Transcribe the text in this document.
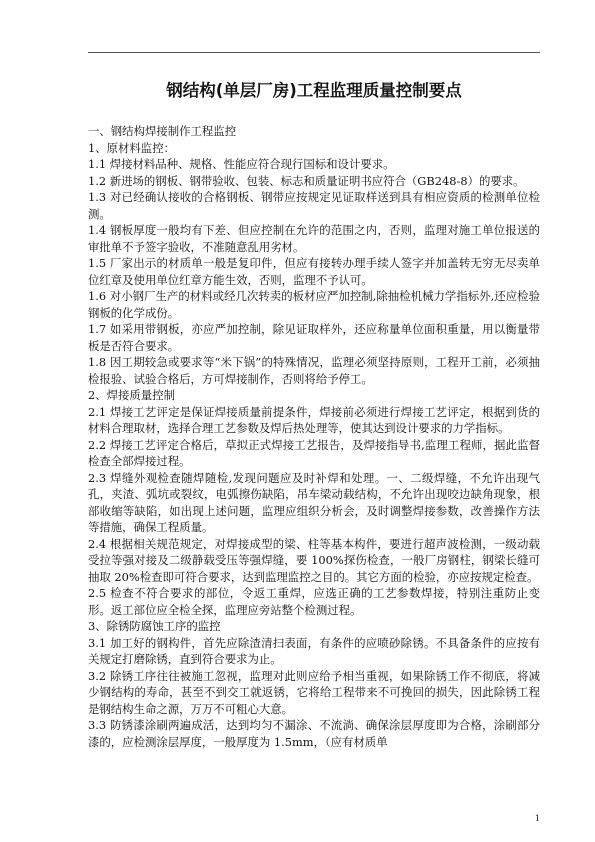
钢结构(单层厂房)工程监理质量控制要点

一、钢结构焊接制作工程监控

1、原材料监控：

1.1 焊接材料品种、规格、性能应符合现行国标和设计要求。

1.2 新进场的钢板、钢带验收、包装、标志和质量证明书应符合（GB248-8）的要求。

1.3 对已经确认接收的合格钢板、钢带应按规定见证取样送到具有相应资质的检测单位检测。

1.4 钢板厚度一般均有下差、但应控制在允许的范围之内，否则，监理对施工单位报送的审批单不予签字验收，不准随意乱用劣材。

1.5 厂家出示的材质单一般是复印件，但应有接转办理手续人签字并加盖转无穷无尽卖单位红章及使用单位红章方能生效，否则，监理不予认可。

1.6 对小钢厂生产的材料或经几次转卖的板材应严加控制,除抽检机械力学指标外,还应检验钢板的化学成份。

1.7 如采用带钢板，亦应严加控制，除见证取样外，还应称量单位面积重量，用以衡量带板是否符合要求。

1.8 因工期较急或要求等“米下锅”的特殊情况，监理必须坚持原则，工程开工前，必须抽检报验、试验合格后，方可焊接制作，否则将给予停工。

2、焊接质量控制

2.1 焊接工艺评定是保证焊接质量前提条件，焊接前必须进行焊接工艺评定，根据到货的材料合理取材，选择合理工艺参数及焊后热处理等，使其达到设计要求的力学指标。

2.2 焊接工艺评定合格后，草拟正式焊接工艺报告，及焊接指导书,监理工程师，据此监督检查全部焊接过程。

2.3 焊缝外观检查随焊随检,发现问题应及时补焊和处理。一、二级焊缝，不允许出现气孔，夹渣、弧坑或裂纹，电弧擦伤缺陷，吊车梁动载结构，不允许出现咬边缺角现象，根部收缩等缺陷，如出现上述问题，监理应组织分析会，及时调整焊接参数，改善操作方法等措施，确保工程质量。

2.4 根据相关规范规定，对焊接成型的梁、柱等基本构件，要进行超声波检测，一级动载受拉等强对接及二级静载受压等强焊缝，要 100%探伤检查，一般厂房钢柱，钢梁长缝可抽取 20%检查即可符合要求，达到监理监控之目的。其它方面的检验，亦应按规定检查。

2.5 检查不符合要求的部位，令返工重焊，应选正确的工艺参数焊接，特别注重防止变形。返工部位应全检全探，监理应旁站整个检测过程。

3、除锈防腐蚀工序的监控

3.1 加工好的钢构件，首先应除渣清扫表面，有条件的应喷砂除锈。不具备条件的应按有关规定打磨除锈，直到符合要求为止。

3.2 除锈工序往往被施工忽视，监理对此则应给予相当重视，如果除锈工作不彻底，将减少钢结构的寿命，甚至不到交工就返锈，它将给工程带来不可挽回的损失，因此除锈工程是钢结构生命之源，万万不可粗心大意。

3.3 防锈漆涂刷两遍成活，达到均匀不漏涂、不流淌、确保涂层厚度即为合格，涂刷部分漆的，应检测涂层厚度，一般厚度为 1.5mm，（应有材质单

1
